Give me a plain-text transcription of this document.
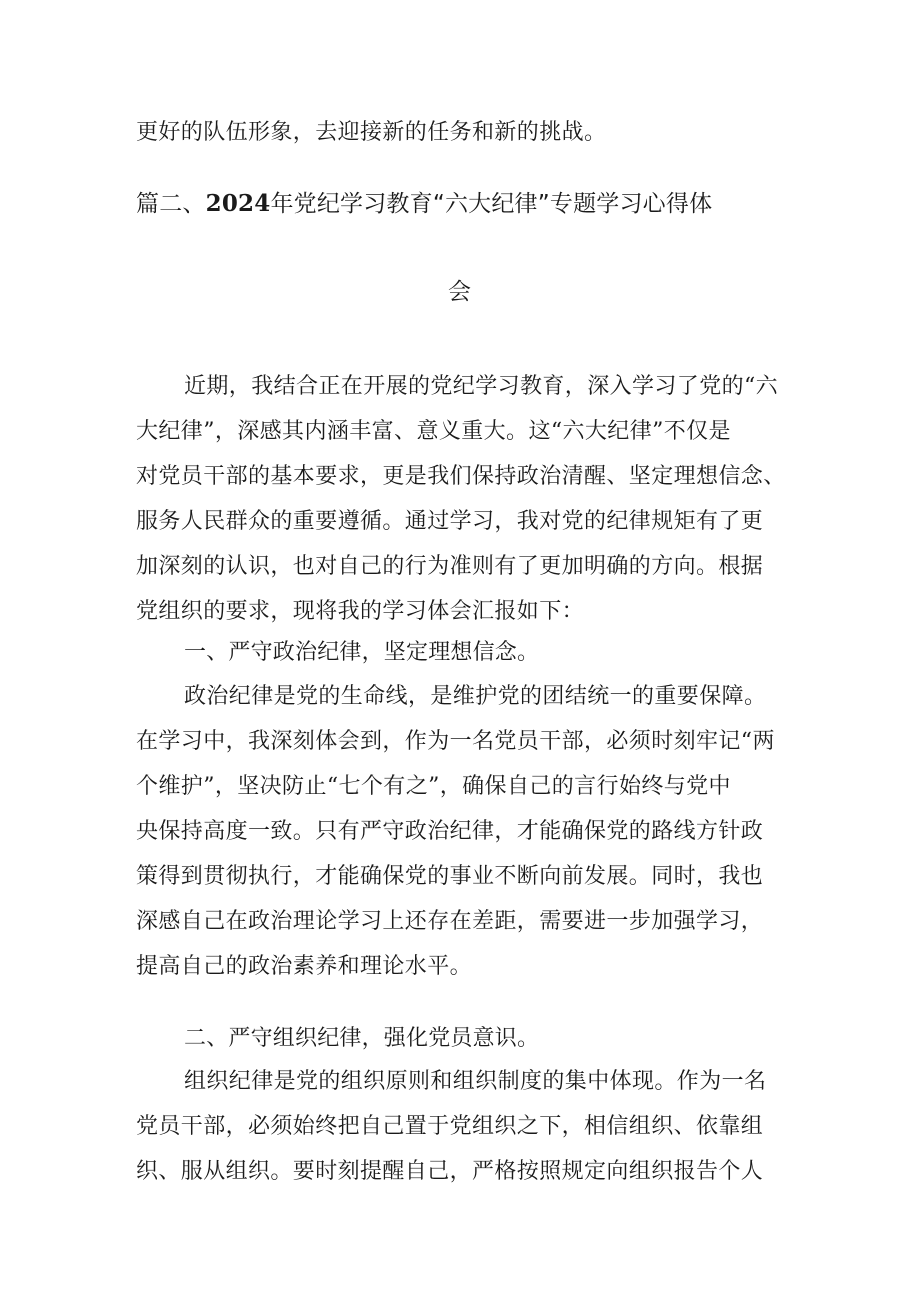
更好的队伍形象，去迎接新的任务和新的挑战。
篇二、2024年党纪学习教育“六大纪律”专题学习心得体
会
近期，我结合正在开展的党纪学习教育，深入学习了党的“六
大纪律”，深感其内涵丰富、意义重大。这“六大纪律”不仅是
对党员干部的基本要求，更是我们保持政治清醒、坚定理想信念、
服务人民群众的重要遵循。通过学习，我对党的纪律规矩有了更
加深刻的认识，也对自己的行为准则有了更加明确的方向。根据
党组织的要求，现将我的学习体会汇报如下：
一、严守政治纪律，坚定理想信念。
政治纪律是党的生命线，是维护党的团结统一的重要保障。
在学习中，我深刻体会到，作为一名党员干部，必须时刻牢记“两
个维护”，坚决防止“七个有之”，确保自己的言行始终与党中
央保持高度一致。只有严守政治纪律，才能确保党的路线方针政
策得到贯彻执行，才能确保党的事业不断向前发展。同时，我也
深感自己在政治理论学习上还存在差距，需要进一步加强学习，
提高自己的政治素养和理论水平。
二、严守组织纪律，强化党员意识。
组织纪律是党的组织原则和组织制度的集中体现。作为一名
党员干部，必须始终把自己置于党组织之下，相信组织、依靠组
织、服从组织。要时刻提醒自己，严格按照规定向组织报告个人
